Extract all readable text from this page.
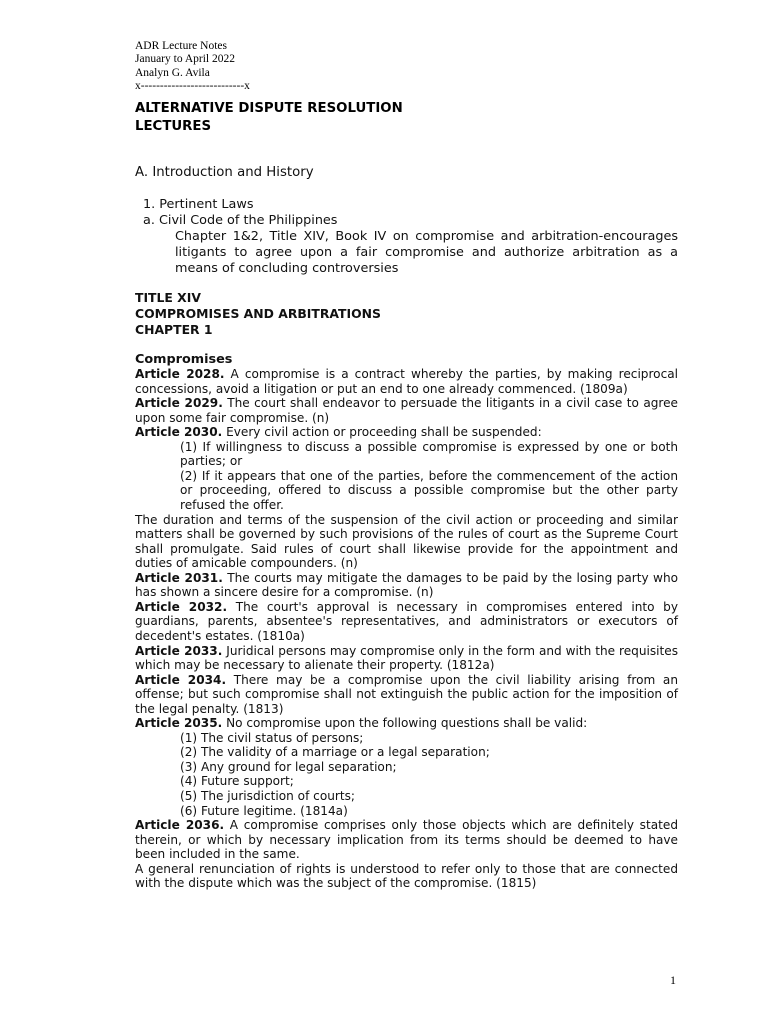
ADR Lecture Notes
January to April 2022
Analyn G. Avila
x---------------------------x

ALTERNATIVE DISPUTE RESOLUTION

LECTURES

A. Introduction and History

1. Pertinent Laws

a. Civil Code of the Philippines

Chapter 1&2, Title XIV, Book IV on compromise and arbitration-encourages litigants to agree upon a fair compromise and authorize arbitration as a means of concluding controversies

TITLE XIV

COMPROMISES AND ARBITRATIONS

CHAPTER 1

Compromises

Article 2028. A compromise is a contract whereby the parties, by making reciprocal concessions, avoid a litigation or put an end to one already commenced. (1809a)

Article 2029. The court shall endeavor to persuade the litigants in a civil case to agree upon some fair compromise. (n)

Article 2030. Every civil action or proceeding shall be suspended:

(1) If willingness to discuss a possible compromise is expressed by one or both parties; or

(2) If it appears that one of the parties, before the commencement of the action or proceeding, offered to discuss a possible compromise but the other party refused the offer.

The duration and terms of the suspension of the civil action or proceeding and similar matters shall be governed by such provisions of the rules of court as the Supreme Court shall promulgate. Said rules of court shall likewise provide for the appointment and duties of amicable compounders. (n)

Article 2031. The courts may mitigate the damages to be paid by the losing party who has shown a sincere desire for a compromise. (n)

Article 2032. The court's approval is necessary in compromises entered into by guardians, parents, absentee's representatives, and administrators or executors of decedent's estates. (1810a)

Article 2033. Juridical persons may compromise only in the form and with the requisites which may be necessary to alienate their property. (1812a)

Article 2034. There may be a compromise upon the civil liability arising from an offense; but such compromise shall not extinguish the public action for the imposition of the legal penalty. (1813)

Article 2035. No compromise upon the following questions shall be valid:

(1) The civil status of persons;

(2) The validity of a marriage or a legal separation;

(3) Any ground for legal separation;

(4) Future support;

(5) The jurisdiction of courts;

(6) Future legitime. (1814a)

Article 2036. A compromise comprises only those objects which are definitely stated therein, or which by necessary implication from its terms should be deemed to have been included in the same.

A general renunciation of rights is understood to refer only to those that are connected with the dispute which was the subject of the compromise. (1815)

1
